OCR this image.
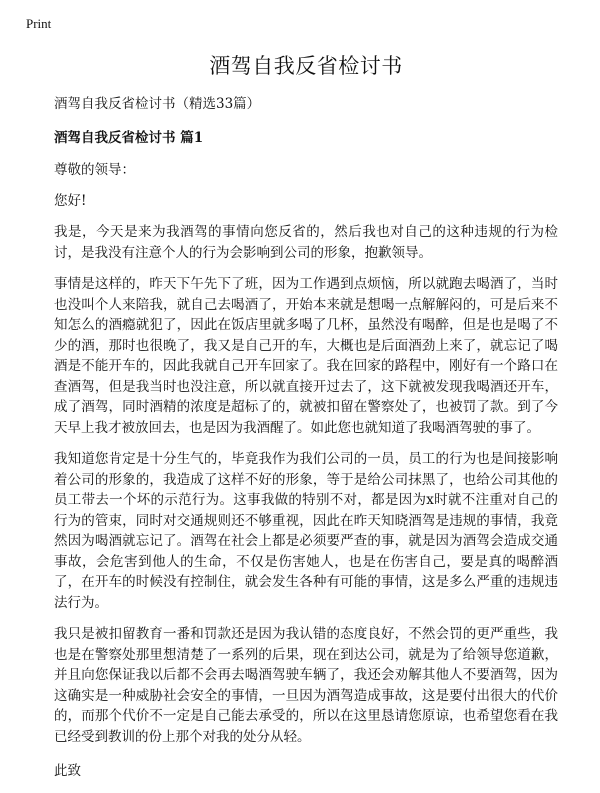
Print
酒驾自我反省检讨书

酒驾自我反省检讨书（精选33篇）

酒驾自我反省检讨书 篇1

尊敬的领导：

您好!

我是，今天是来为我酒驾的事情向您反省的，然后我也对自己的这种违规的行为检讨，是我没有注意个人的行为会影响到公司的形象，抱歉领导。

事情是这样的，昨天下午先下了班，因为工作遇到点烦恼，所以就跑去喝酒了，当时也没叫个人来陪我，就自己去喝酒了，开始本来就是想喝一点解解闷的，可是后来不知怎么的酒瘾就犯了，因此在饭店里就多喝了几杯，虽然没有喝醉，但是也是喝了不少的酒，那时也很晚了，我又是自己开的车，大概也是后面酒劲上来了，就忘记了喝酒是不能开车的，因此我就自己开车回家了。我在回家的路程中，刚好有一个路口在查酒驾，但是我当时也没注意，所以就直接开过去了，这下就被发现我喝酒还开车，成了酒驾，同时酒精的浓度是超标了的，就被扣留在警察处了，也被罚了款。到了今天早上我才被放回去，也是因为我酒醒了。如此您也就知道了我喝酒驾驶的事了。

我知道您肯定是十分生气的，毕竟我作为我们公司的一员，员工的行为也是间接影响着公司的形象的，我造成了这样不好的形象，等于是给公司抹黑了，也给公司其他的员工带去一个坏的示范行为。这事我做的特别不对，都是因为x时就不注重对自己的行为的管束，同时对交通规则还不够重视，因此在昨天知晓酒驾是违规的事情，我竟然因为喝酒就忘记了。酒驾在社会上都是必须要严查的事，就是因为酒驾会造成交通事故，会危害到他人的生命，不仅是伤害她人，也是在伤害自己，要是真的喝醉酒了，在开车的时候没有控制住，就会发生各种有可能的事情，这是多么严重的违规违法行为。

我只是被扣留教育一番和罚款还是因为我认错的态度良好，不然会罚的更严重些，我也是在警察处那里想清楚了一系列的后果，现在到达公司，就是为了给领导您道歉，并且向您保证我以后都不会再去喝酒驾驶车辆了，我还会劝解其他人不要酒驾，因为这确实是一种威胁社会安全的事情，一旦因为酒驾造成事故，这是要付出很大的代价的，而那个代价不一定是自己能去承受的，所以在这里恳请您原谅，也希望您看在我已经受到教训的份上那个对我的处分从轻。

此致
